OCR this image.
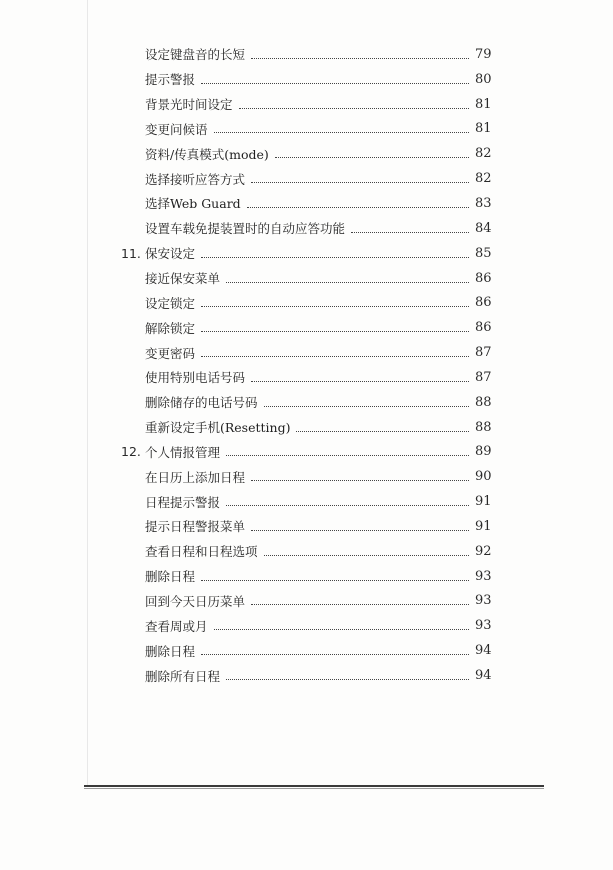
设定键盘音的长短	79
提示警报	80
背景光时间设定	81
变更问候语	81
资料/传真模式(mode)	82
选择接听应答方式	82
选择Web Guard	83
设置车载免提装置时的自动应答功能	84
11. 保安设定	85
接近保安菜单	86
设定锁定	86
解除锁定	86
变更密码	87
使用特别电话号码	87
删除储存的电话号码	88
重新设定手机(Resetting)	88
12. 个人情报管理	89
在日历上添加日程	90
日程提示警报	91
提示日程警报菜单	91
查看日程和日程选项	92
删除日程	93
回到今天日历菜单	93
查看周或月	93
删除日程	94
删除所有日程	94
